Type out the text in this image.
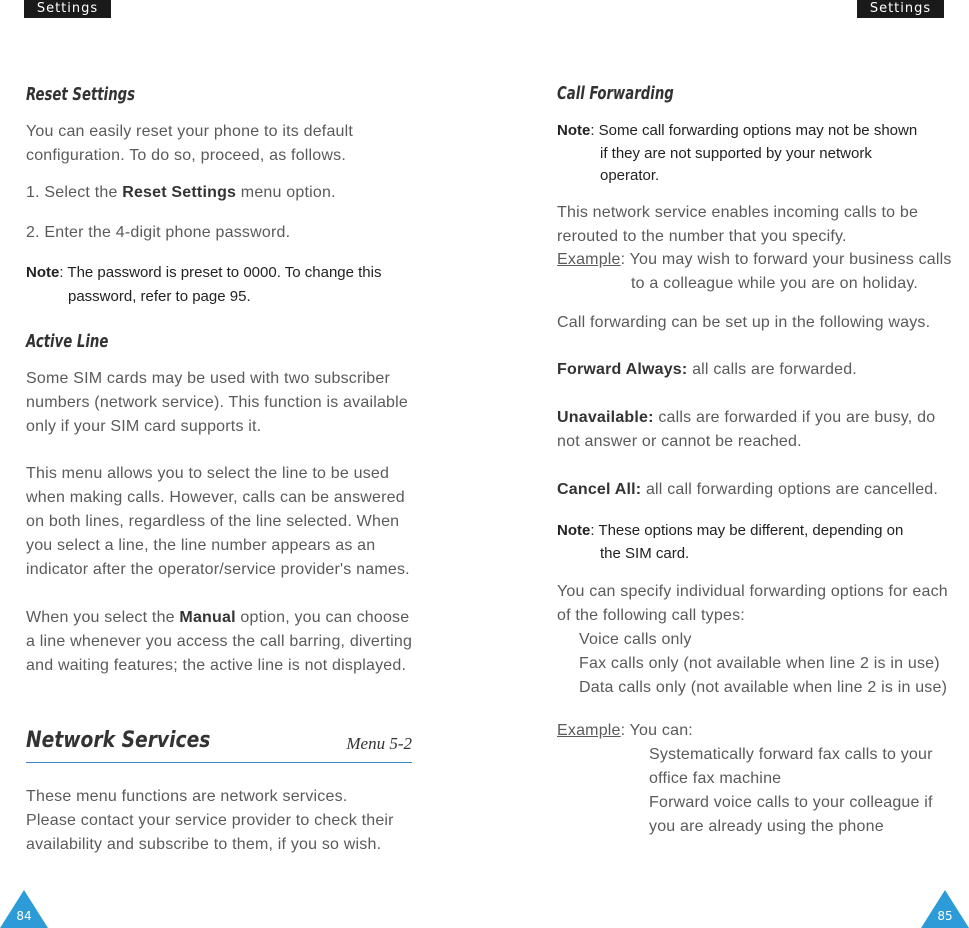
Settings	Settings
Reset Settings
You can easily reset your phone to its default
configuration. To do so, proceed, as follows.
1. Select the Reset Settings menu option.
2. Enter the 4-digit phone password.
Note: The password is preset to 0000. To change this
password, refer to page 95.
Active Line
Some SIM cards may be used with two subscriber
numbers (network service). This function is available
only if your SIM card supports it.
This menu allows you to select the line to be used
when making calls. However, calls can be answered
on both lines, regardless of the line selected. When
you select a line, the line number appears as an
indicator after the operator/service provider's names.
When you select the Manual option, you can choose
a line whenever you access the call barring, diverting
and waiting features; the active line is not displayed.
Network Services	Menu 5-2
These menu functions are network services.
Please contact your service provider to check their
availability and subscribe to them, if you so wish.
84
Call Forwarding
Note: Some call forwarding options may not be shown
if they are not supported by your network
operator.
This network service enables incoming calls to be
rerouted to the number that you specify.
Example: You may wish to forward your business calls
to a colleague while you are on holiday.
Call forwarding can be set up in the following ways.
Forward Always: all calls are forwarded.
Unavailable: calls are forwarded if you are busy, do
not answer or cannot be reached.
Cancel All: all call forwarding options are cancelled.
Note: These options may be different, depending on
the SIM card.
You can specify individual forwarding options for each
of the following call types:
Voice calls only
Fax calls only (not available when line 2 is in use)
Data calls only (not available when line 2 is in use)
Example: You can:
Systematically forward fax calls to your
office fax machine
Forward voice calls to your colleague if
you are already using the phone
85
